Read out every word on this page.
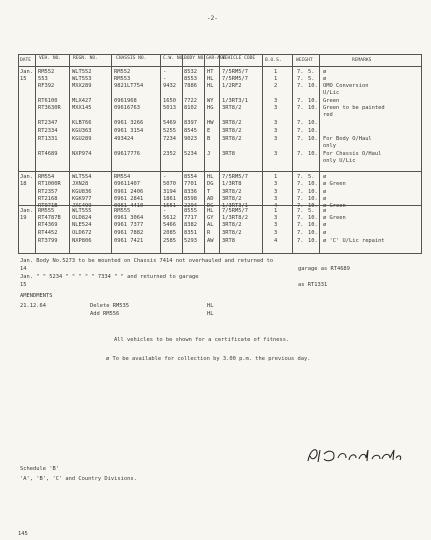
-2-
DATE VEH. NO.	REGN. NO.	CHASSIS NO.	C.W. NO.
BODY NO. GAR-AGE
VEHICLE CODE B.O.S.	WEIGHT	REMARKS
Jan. RM552	WLT552	RM552	-	8532 HT 7/5RM5/7	1	7. 5. ø
15 553	WLT553	RM553	-	8553 HL 7/5RM5/7	1	7. 5. ø
RF392	MXX289	9821LT754	9432 7886 HL 1/2RF2	2	7. 10. OMO Conversion
U/Lic
RT6100	MLX427	0961968	1650 7722 WY 1/3RT3/1	3	7. 10. Green
RT3630R MXX145	09616763	5013 8102 HG 3RT8/2	3	7. 10. Green to be painted
red
RT2347	KLB766	0961 3266	5469 8397 HW 3RT8/2	3	7. 10.
RT2334	KGU363	0961 3154	5255 8545 E 3RT8/2	3	7. 10.
RT1331	KGU289	493424	7234 9023 B 3RT8/2	3	7. 10. For Body O/Haul
only
RT4689	NXP974	09617776	2352 5234 J 3RT8	3	7. 10. For Chassis O/Haul
only U/Lic
Jan. RM554	WLT554	RM554	-	8554 HL 7/5RM5/7	1	7. 5. ø
18 RT1000R JXN28	09611407	5070 7701 DG 1/3RT8	3	7. 10. ø Green
RT2357	KGU836	0961 2406	3194 8336 T 3RT8/2	3	7. 10. ø
RT2168	KGK977	0961 2841	1861 8598 AD 3RT8/2	3	7. 10. ø
RT971B	JXC499	0961 4410	1551 2294 DG 1/3RT3/1	4	7. 10. ø Green
Jan. RM555	WLT555	RM555	-	8555 HL 7/5RM5/7	1	7. 5. ø
19 RT4787B OLD824	0961 3064	5612 7717 GY 1/3RT8/2	3	7. 10. ø Green
RT4369	NLE524	0961 7377	5466 8382 AL 3RT8/2	3	7. 10. ø
RT4452	OLD672	0961 7882	2085 8351 R 3RT8/2	3	7. 10. ø
RT3799	NXP806	0961 7421	2585 5293 AW 3RT8	4	7. 10. ø 'C' U/Lic repaint
Jan. Body No.5273 to be mounted on Chassis 7414 not overhauled and returned to
14	garage as RT4689
Jan. " " 5234 " " " " " 7334 " " and returned to garage
15	as RT1331
AMENDMENTS
21.12.64	Delete RM535	HL
Add RM556	HL
All vehicles to be shown for a certificate of fitness.
ø To be available for collection by 3.00 p.m. the previous day.
Schedule 'B'
'A', 'B', 'C' and Country Divisions.
145
